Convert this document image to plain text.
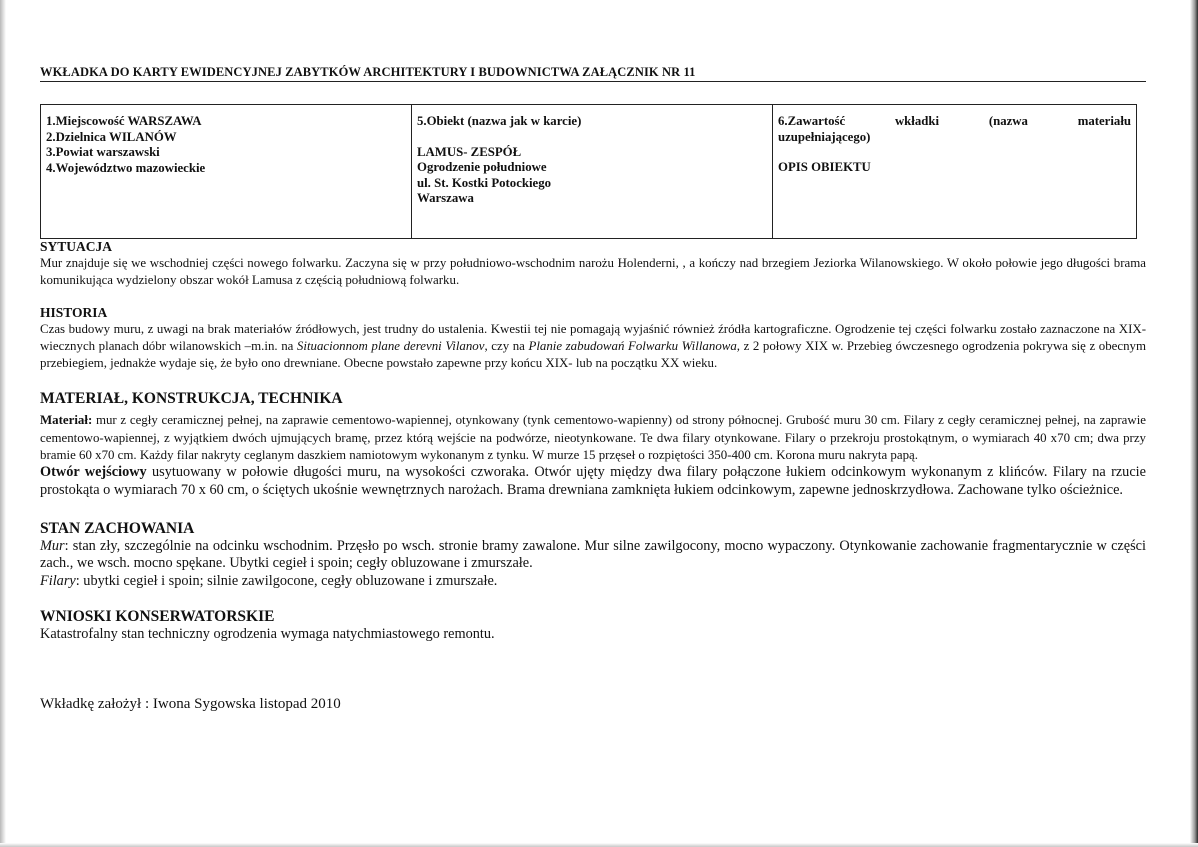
WKŁADKA DO KARTY EWIDENCYJNEJ ZABYTKÓW ARCHITEKTURY I BUDOWNICTWA ZAŁĄCZNIK NR 11
1.Miejscowość WARSZAWA
2.Dzielnica WILANÓW
3.Powiat warszawski
4.Województwo mazowieckie

5.Obiekt (nazwa jak w karcie)
LAMUS- ZESPÓŁ
Ogrodzenie południowe
ul. St. Kostki Potockiego
Warszawa

6.Zawartość	wkładki	(nazwa	materiału
uzupełniającego)
OPIS OBIEKTU
SYTUACJA
Mur znajduje się we wschodniej części nowego folwarku. Zaczyna się w przy południowo-wschodnim narożu Holenderni, , a kończy nad brzegiem Jeziorka Wilanowskiego. W około połowie jego długości brama komunikująca wydzielony obszar wokół Lamusa z częścią południową folwarku.
HISTORIA
Czas budowy muru, z uwagi na brak materiałów źródłowych, jest trudny do ustalenia. Kwestii tej nie pomagają wyjaśnić również źródła kartograficzne. Ogrodzenie tej części folwarku zostało zaznaczone na XIX-wiecznych planach dóbr wilanowskich –m.in. na Situacionnom plane derevni Vilanov, czy na Planie zabudowań Folwarku Willanowa, z 2 połowy XIX w. Przebieg ówczesnego ogrodzenia pokrywa się z obecnym przebiegiem, jednakże wydaje się, że było ono drewniane. Obecne powstało zapewne przy końcu XIX- lub na początku XX wieku.
MATERIAŁ, KONSTRUKCJA, TECHNIKA
Materiał: mur z cegły ceramicznej pełnej, na zaprawie cementowo-wapiennej, otynkowany (tynk cementowo-wapienny) od strony północnej. Grubość muru 30 cm. Filary z cegły ceramicznej pełnej, na zaprawie cementowo-wapiennej, z wyjątkiem dwóch ujmujących bramę, przez którą wejście na podwórze, nieotynkowane. Te dwa filary otynkowane. Filary o przekroju prostokątnym, o wymiarach 40 x70 cm; dwa przy bramie 60 x70 cm. Każdy filar nakryty ceglanym daszkiem namiotowym wykonanym z tynku. W murze 15 przęseł o rozpiętości 350-400 cm. Korona muru nakryta papą.
Otwór wejściowy usytuowany w połowie długości muru, na wysokości czworaka. Otwór ujęty między dwa filary połączone łukiem odcinkowym wykonanym z klińców. Filary na rzucie prostokąta o wymiarach 70 x 60 cm, o ściętych ukośnie wewnętrznych narożach. Brama drewniana zamknięta łukiem odcinkowym, zapewne jednoskrzydłowa. Zachowane tylko ościeżnice.
STAN ZACHOWANIA
Mur: stan zły, szczególnie na odcinku wschodnim. Przęsło po wsch. stronie bramy zawalone. Mur silne zawilgocony, mocno wypaczony. Otynkowanie zachowanie fragmentarycznie w części zach., we wsch. mocno spękane. Ubytki cegieł i spoin; cegły obluzowane i zmurszałe.
Filary: ubytki cegieł i spoin; silnie zawilgocone, cegły obluzowane i zmurszałe.
WNIOSKI KONSERWATORSKIE
Katastrofalny stan techniczny ogrodzenia wymaga natychmiastowego remontu.
Wkładkę założył : Iwona Sygowska listopad 2010
